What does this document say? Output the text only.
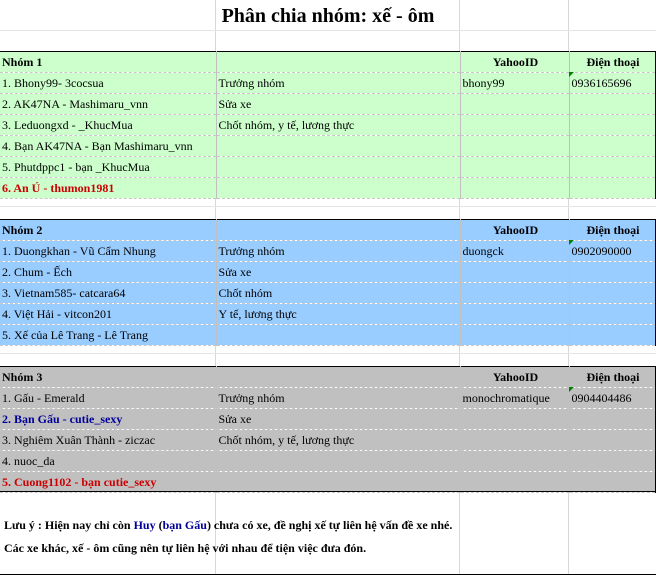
Phân chia nhóm: xế - ôm
Nhóm 1		YahooID	Điện thoại
1. Bhony99- 3cocsua	Trưởng nhóm	bhony99	0936165696
2. AK47NA - Mashimaru_vnn	Sửa xe		
3. Leduongxd - _KhucMua	Chốt nhóm, y tế, lương thực		
4. Bạn AK47NA - Bạn Mashimaru_vnn			
5. Phutdppc1 - bạn _KhucMua			
6. An Ú - thumon1981			
Nhóm 2		YahooID	Điện thoại
1. Duongkhan - Vũ Cẩm Nhung	Trưởng nhóm	duongck	0902090000
2. Chum - Ếch	Sửa xe		
3. Vietnam585- catcara64	Chốt nhóm		
4. Việt Hải - vitcon201	Y tế, lương thực		
5. Xế của Lê Trang - Lê Trang			
Nhóm 3		YahooID	Điện thoại
1. Gấu - Emerald	Trưởng nhóm	monochromatique	0904404486
2. Bạn Gấu - cutie_sexy	Sửa xe		
3. Nghiêm Xuân Thành - ziczac	Chốt nhóm, y tế, lương thực		
4. nuoc_da			
5. Cuong1102 - bạn cutie_sexy			
Lưu ý : Hiện nay chỉ còn Huy (bạn Gấu) chưa có xe, đề nghị xế tự liên hệ vấn đề xe nhé.
Các xe khác, xế - ôm cũng nên tự liên hệ với nhau để tiện việc đưa đón.
